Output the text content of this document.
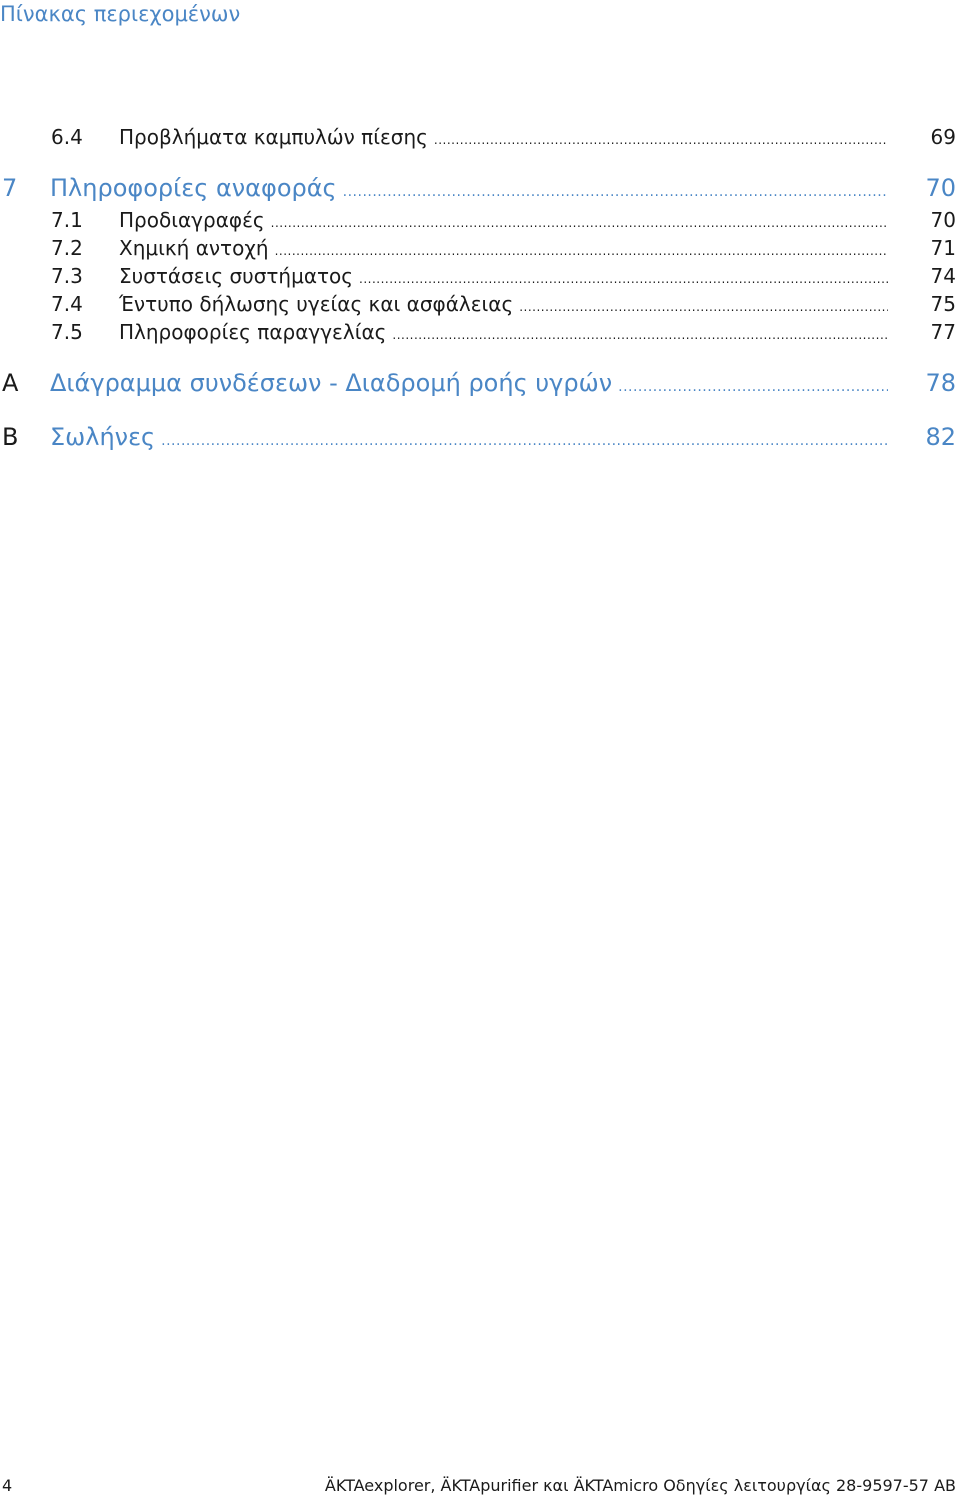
Πίνακας περιεχομένων
6.4 Προβλήματα καμπυλών πίεσης .....	69
7 Πληροφορίες αναφοράς .....	70
7.1 Προδιαγραφές .....	70
7.2 Χημική αντοχή .....	71
7.3 Συστάσεις συστήματος .....	74
7.4 Έντυπο δήλωσης υγείας και ασφάλειας .....	75
7.5 Πληροφορίες παραγγελίας .....	77
A Διάγραμμα συνδέσεων - Διαδρομή ροής υγρών .....	78
B Σωλήνες .....	82
4	ÄKTAexplorer, ÄKTApurifier και ÄKTAmicro Οδηγίες λειτουργίας 28-9597-57 AB
